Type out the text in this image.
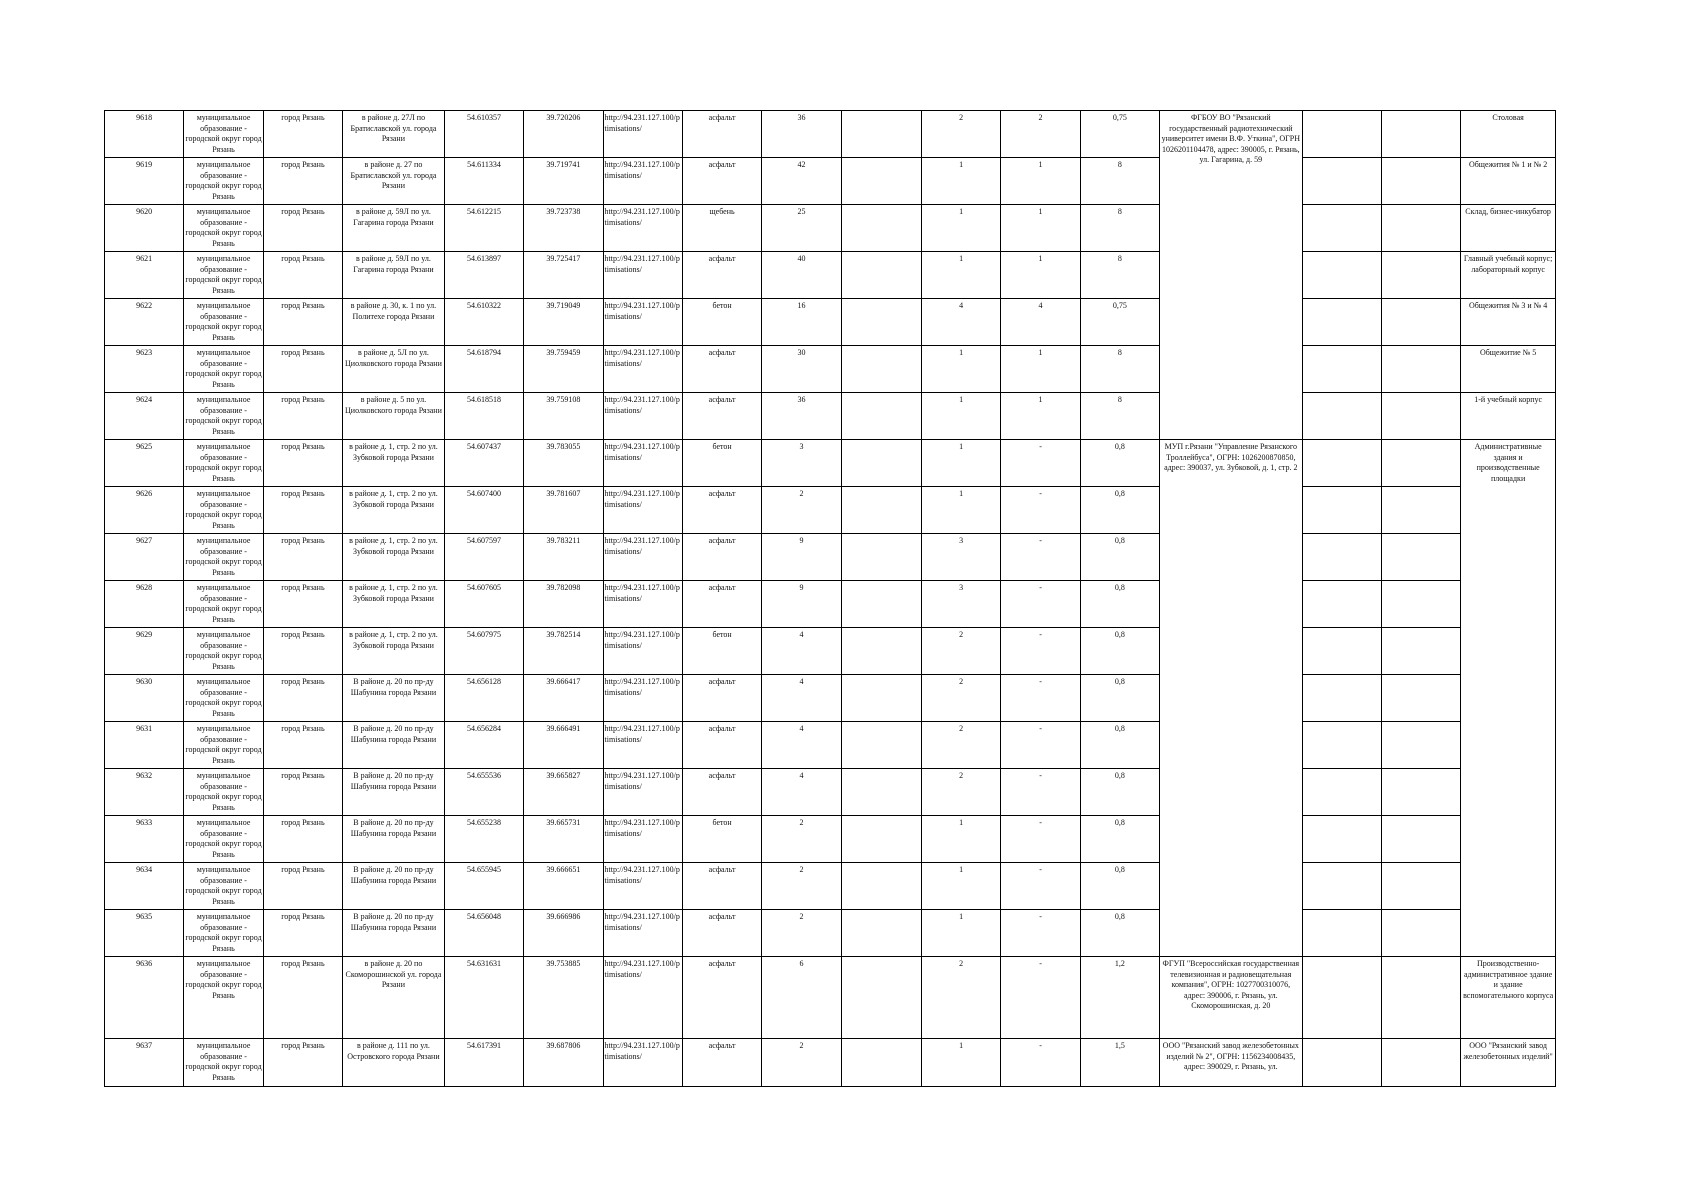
9618	муниципальное образование - городской округ город Рязань	город Рязань	в районе д. 27Л по Братиславской ул. города Рязани	54.610357	39.720206	http://94.231.127.100/ptimisations/	асфальт	36		2	2	0,75	ФГБОУ ВО "Рязанский государственный радиотехнический университет имени В.Ф. Уткина", ОГРН 1026201104478, адрес: 390005, г. Рязань, ул. Гагарина, д. 59			Столовая
9619	муниципальное образование - городской округ город Рязань	город Рязань	в районе д. 27 по Братиславской ул. города Рязани	54.611334	39.719741	http://94.231.127.100/ptimisations/	асфальт	42		1	1	8				Общежития № 1 и № 2
9620	муниципальное образование - городской округ город Рязань	город Рязань	в районе д. 59Л по ул. Гагарина города Рязани	54.612215	39.723738	http://94.231.127.100/ptimisations/	щебень	25		1	1	8				Склад, бизнес-инкубатор
9621	муниципальное образование - городской округ город Рязань	город Рязань	в районе д. 59Л по ул. Гагарина города Рязани	54.613897	39.725417	http://94.231.127.100/ptimisations/	асфальт	40		1	1	8				Главный учебный корпус; лабораторный корпус
9622	муниципальное образование - городской округ город Рязань	город Рязань	в районе д. 30, к. 1 по ул. Политехе города Рязани	54.610322	39.719049	http://94.231.127.100/ptimisations/	бетон	16		4	4	0,75				Общежития № 3 и № 4
9623	муниципальное образование - городской округ город Рязань	город Рязань	в районе д. 5Л по ул. Циолковского города Рязани	54.618794	39.759459	http://94.231.127.100/ptimisations/	асфальт	30		1	1	8				Общежитие № 5
9624	муниципальное образование - городской округ город Рязань	город Рязань	в районе д. 5 по ул. Циолковского города Рязани	54.618518	39.759108	http://94.231.127.100/ptimisations/	асфальт	36		1	1	8				1-й учебный корпус
9625	муниципальное образование - городской округ город Рязань	город Рязань	в районе д. 1, стр. 2 по ул. Зубковой города Рязани	54.607437	39.783055	http://94.231.127.100/ptimisations/	бетон	3		1	-	0,8	МУП г.Рязани "Управление Рязанского Троллейбуса", ОГРН: 1026200870850, адрес: 390037, ул. Зубковой, д. 1, стр. 2			Административные здания и производственные площадки
9626	муниципальное образование - городской округ город Рязань	город Рязань	в районе д. 1, стр. 2 по ул. Зубковой города Рязани	54.607400	39.781607	http://94.231.127.100/ptimisations/	асфальт	2		1	-	0,8				
9627	муниципальное образование - городской округ город Рязань	город Рязань	в районе д. 1, стр. 2 по ул. Зубковой города Рязани	54.607597	39.783211	http://94.231.127.100/ptimisations/	асфальт	9		3	-	0,8				
9628	муниципальное образование - городской округ город Рязань	город Рязань	в районе д. 1, стр. 2 по ул. Зубковой города Рязани	54.607605	39.782098	http://94.231.127.100/ptimisations/	асфальт	9		3	-	0,8				
9629	муниципальное образование - городской округ город Рязань	город Рязань	в районе д. 1, стр. 2 по ул. Зубковой города Рязани	54.607975	39.782514	http://94.231.127.100/ptimisations/	бетон	4		2	-	0,8				
9630	муниципальное образование - городской округ город Рязань	город Рязань	В районе д. 20 по пр-ду Шабунина города Рязани	54.656128	39.666417	http://94.231.127.100/ptimisations/	асфальт	4		2	-	0,8				
9631	муниципальное образование - городской округ город Рязань	город Рязань	В районе д. 20 по пр-ду Шабунина города Рязани	54.656284	39.666491	http://94.231.127.100/ptimisations/	асфальт	4		2	-	0,8				
9632	муниципальное образование - городской округ город Рязань	город Рязань	В районе д. 20 по пр-ду Шабунина города Рязани	54.655536	39.665827	http://94.231.127.100/ptimisations/	асфальт	4		2	-	0,8				
9633	муниципальное образование - городской округ город Рязань	город Рязань	В районе д. 20 по пр-ду Шабунина города Рязани	54.655238	39.665731	http://94.231.127.100/ptimisations/	бетон	2		1	-	0,8				
9634	муниципальное образование - городской округ город Рязань	город Рязань	В районе д. 20 по пр-ду Шабунина города Рязани	54.655945	39.666651	http://94.231.127.100/ptimisations/	асфальт	2		1	-	0,8				
9635	муниципальное образование - городской округ город Рязань	город Рязань	В районе д. 20 по пр-ду Шабунина города Рязани	54.656048	39.666986	http://94.231.127.100/ptimisations/	асфальт	2		1	-	0,8				
9636	муниципальное образование - городской округ город Рязань	город Рязань	в районе д. 20 по Скоморошинской ул. города Рязани	54.631631	39.753885	http://94.231.127.100/ptimisations/	асфальт	6		2	-	1,2	ФГУП "Всероссийская государственная телевизионная и радиовещательная компания", ОГРН: 1027700310076, адрес: 390006, г. Рязань, ул. Скоморошинская, д. 20			Производственно-административное здание и здание вспомогательного корпуса
9637	муниципальное образование - городской округ город Рязань	город Рязань	в районе д. 111 по ул. Островского города Рязани	54.617391	39.687806	http://94.231.127.100/ptimisations/	асфальт	2		1	-	1,5	ООО "Рязанский завод железобетонных изделий № 2", ОГРН: 1156234008435, адрес: 390029, г. Рязань, ул.			ООО "Рязанский завод железобетонных изделий"
